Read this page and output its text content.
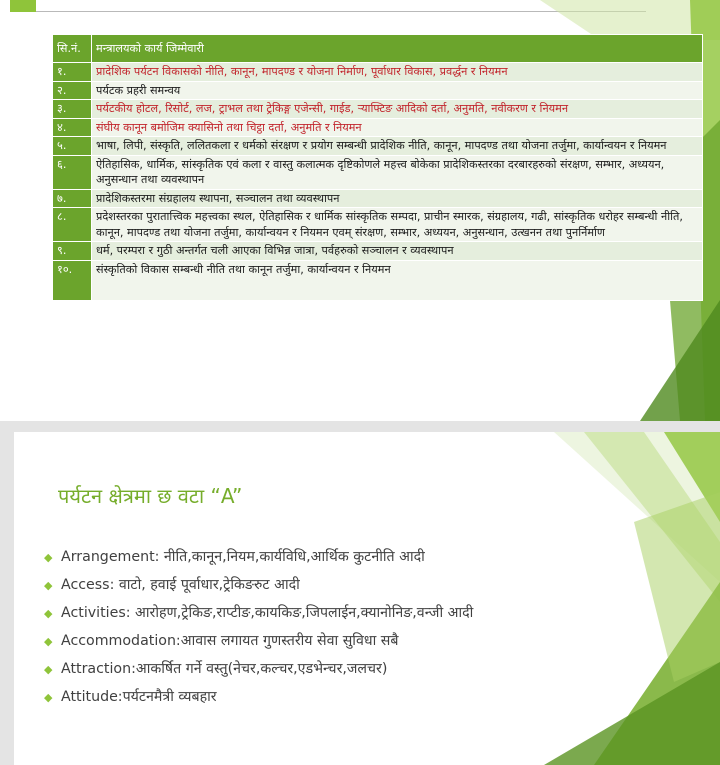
सि.नं.	मन्त्रालयको कार्य जिम्मेवारी
१.	प्रादेशिक पर्यटन विकासको नीति, कानून, मापदण्ड र योजना निर्माण, पूर्वाधार विकास, प्रवर्द्धन र नियमन
२.	पर्यटक प्रहरी समन्वय
३.	पर्यटकीय होटल, रिसोर्ट, लज, ट्राभल तथा ट्रेकिङ्ग एजेन्सी, गाईड, र्‍याफ्टिङ आदिको दर्ता, अनुमति, नवीकरण र नियमन
४.	संघीय कानून बमोजिम क्यासिनो तथा चिट्ठा दर्ता, अनुमति र नियमन
५.	भाषा, लिपी, संस्कृति, ललितकला र धर्मको संरक्षण र प्रयोग सम्बन्धी प्रादेशिक नीति, कानून, मापदण्ड तथा योजना तर्जुमा, कार्यान्वयन र नियमन
६.	ऐतिहासिक, धार्मिक, सांस्कृतिक एवं कला र वास्तु कलात्मक दृष्टिकोणले महत्त्व बोकेका प्रादेशिकस्तरका दरबारहरुको संरक्षण, सम्भार, अध्ययन, अनुसन्धान तथा व्यवस्थापन
७.	प्रादेशिकस्तरमा संग्रहालय स्थापना, सञ्चालन तथा व्यवस्थापन
८.	प्रदेशस्तरका पुरातात्त्विक महत्त्वका स्थल, ऐतिहासिक र धार्मिक सांस्कृतिक सम्पदा, प्राचीन स्मारक, संग्रहालय, गढी, सांस्कृतिक धरोहर सम्बन्धी नीति, कानून, मापदण्ड तथा योजना तर्जुमा, कार्यान्वयन र नियमन एवम् संरक्षण, सम्भार, अध्ययन, अनुसन्धान, उत्खनन तथा पुनर्निर्माण
९.	धर्म, परम्परा र गुठी अन्तर्गत चली आएका विभिन्न जात्रा, पर्वहरुको सञ्चालन र व्यवस्थापन
१०.	संस्कृतिको विकास सम्बन्धी नीति तथा कानून तर्जुमा, कार्यान्वयन र नियमन
पर्यटन क्षेत्रमा छ वटा “A”
◆ Arrangement: नीति,कानून,नियम,कार्यविधि,आर्थिक कुटनीति आदी
◆ Access: वाटो, हवाई पूर्वाधार,ट्रेकिङरुट आदी
◆ Activities: आरोहण,ट्रेकिङ,राप्टीङ,कायकिङ,जिपलाईन,क्यानोनिङ,वन्जी आदी
◆ Accommodation:आवास लगायत गुणस्तरीय सेवा सुविधा सबै
◆ Attraction:आकर्षित गर्ने वस्तु(नेचर,कल्चर,एडभेन्चर,जलचर)
◆ Attitude:पर्यटनमैत्री व्यबहार
